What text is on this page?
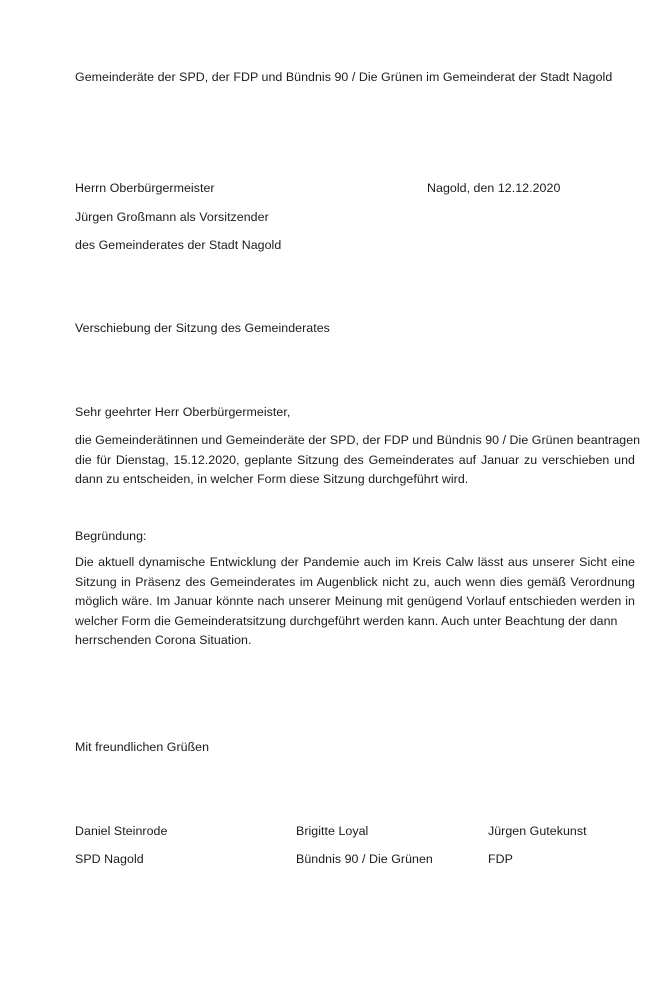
Gemeinderäte der SPD, der FDP und Bündnis 90 / Die Grünen im Gemeinderat der Stadt Nagold
Herrn Oberbürgermeister
Jürgen Großmann als Vorsitzender
des Gemeinderates der Stadt Nagold
Nagold, den 12.12.2020
Verschiebung der Sitzung des Gemeinderates
Sehr geehrter Herr Oberbürgermeister,
die Gemeinderätinnen und Gemeinderäte der SPD, der FDP und Bündnis 90 / Die Grünen beantragen
die für Dienstag, 15.12.2020, geplante Sitzung des Gemeinderates auf Januar zu verschieben und
dann zu entscheiden, in welcher Form diese Sitzung durchgeführt wird.
Begründung:
Die aktuell dynamische Entwicklung der Pandemie auch im Kreis Calw lässt aus unserer Sicht eine
Sitzung in Präsenz des Gemeinderates im Augenblick nicht zu, auch wenn dies gemäß Verordnung
möglich wäre. Im Januar könnte nach unserer Meinung mit genügend Vorlauf entschieden werden in
welcher Form die Gemeinderatsitzung durchgeführt werden kann. Auch unter Beachtung der dann
herrschenden Corona Situation.
Mit freundlichen Grüßen
Daniel Steinrode
SPD Nagold
Brigitte Loyal
Bündnis 90 / Die Grünen
Jürgen Gutekunst
FDP
